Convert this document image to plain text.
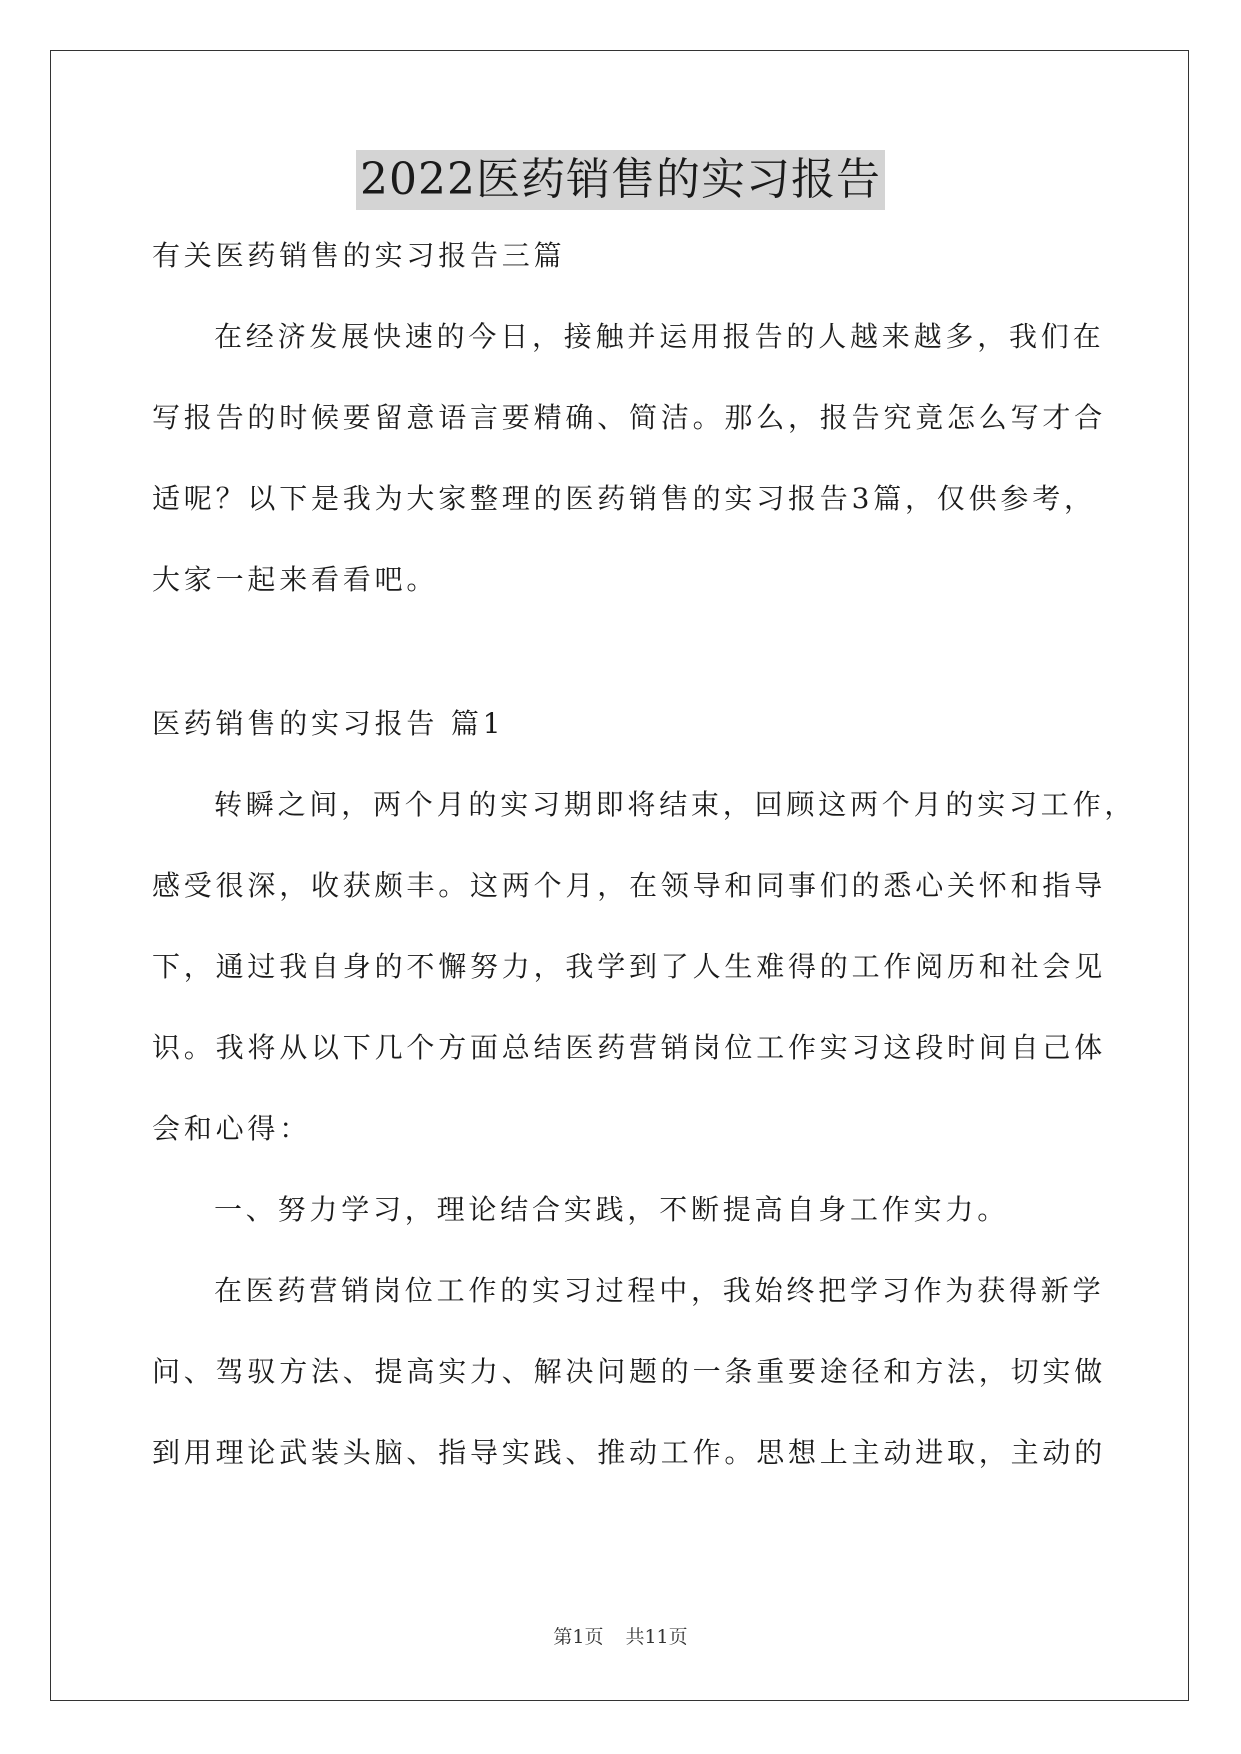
2022医药销售的实习报告
有关医药销售的实习报告三篇
在经济发展快速的今日，接触并运用报告的人越来越多，我们在
写报告的时候要留意语言要精确、简洁。那么，报告究竟怎么写才合
适呢？以下是我为大家整理的医药销售的实习报告3篇，仅供参考，
大家一起来看看吧。
医药销售的实习报告 篇1
转瞬之间，两个月的实习期即将结束，回顾这两个月的实习工作，
感受很深，收获颇丰。这两个月，在领导和同事们的悉心关怀和指导
下，通过我自身的不懈努力，我学到了人生难得的工作阅历和社会见
识。我将从以下几个方面总结医药营销岗位工作实习这段时间自己体
会和心得：
一、努力学习，理论结合实践，不断提高自身工作实力。
在医药营销岗位工作的实习过程中，我始终把学习作为获得新学
问、驾驭方法、提高实力、解决问题的一条重要途径和方法，切实做
到用理论武装头脑、指导实践、推动工作。思想上主动进取，主动的
第1页 共11页
